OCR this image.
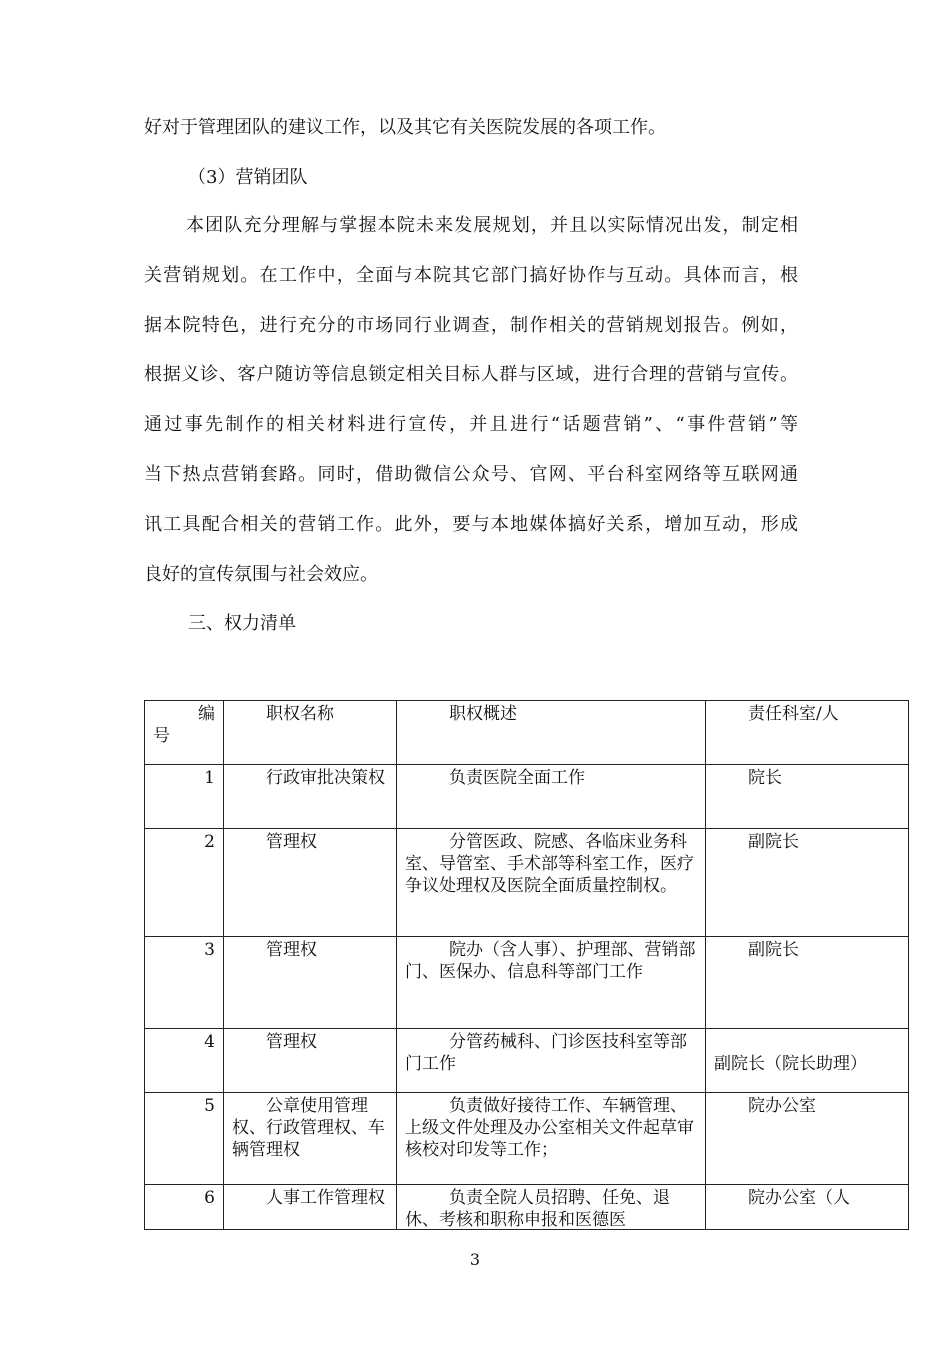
好对于管理团队的建议工作，以及其它有关医院发展的各项工作。
（3）营销团队
本团队充分理解与掌握本院未来发展规划，并且以实际情况出发，制定相
关营销规划。在工作中，全面与本院其它部门搞好协作与互动。具体而言，根
据本院特色，进行充分的市场同行业调查，制作相关的营销规划报告。例如，
根据义诊、客户随访等信息锁定相关目标人群与区域，进行合理的营销与宣传。
通过事先制作的相关材料进行宣传，并且进行“话题营销”、“事件营销”等
当下热点营销套路。同时，借助微信公众号、官网、平台科室网络等互联网通
讯工具配合相关的营销工作。此外，要与本地媒体搞好关系，增加互动，形成
良好的宣传氛围与社会效应。
三、权力清单
编
号	职权名称	职权概述	责任科室/人
1	行政审批决策权	负责医院全面工作	院长
2	管理权	分管医政、院感、各临床业务科室、导管室、手术部等科室工作，医疗争议处理权及医院全面质量控制权。	副院长
3	管理权	院办（含人事）、护理部、营销部门、医保办、信息科等部门工作	副院长
4	管理权	分管药械科、门诊医技科室等部门工作	副院长（院长助理）
5	公章使用管理权、行政管理权、车辆管理权	负责做好接待工作、车辆管理、上级文件处理及办公室相关文件起草审核校对印发等工作；	院办公室
6	人事工作管理权	负责全院人员招聘、任免、退休、考核和职称申报和医德医	院办公室（人
3
